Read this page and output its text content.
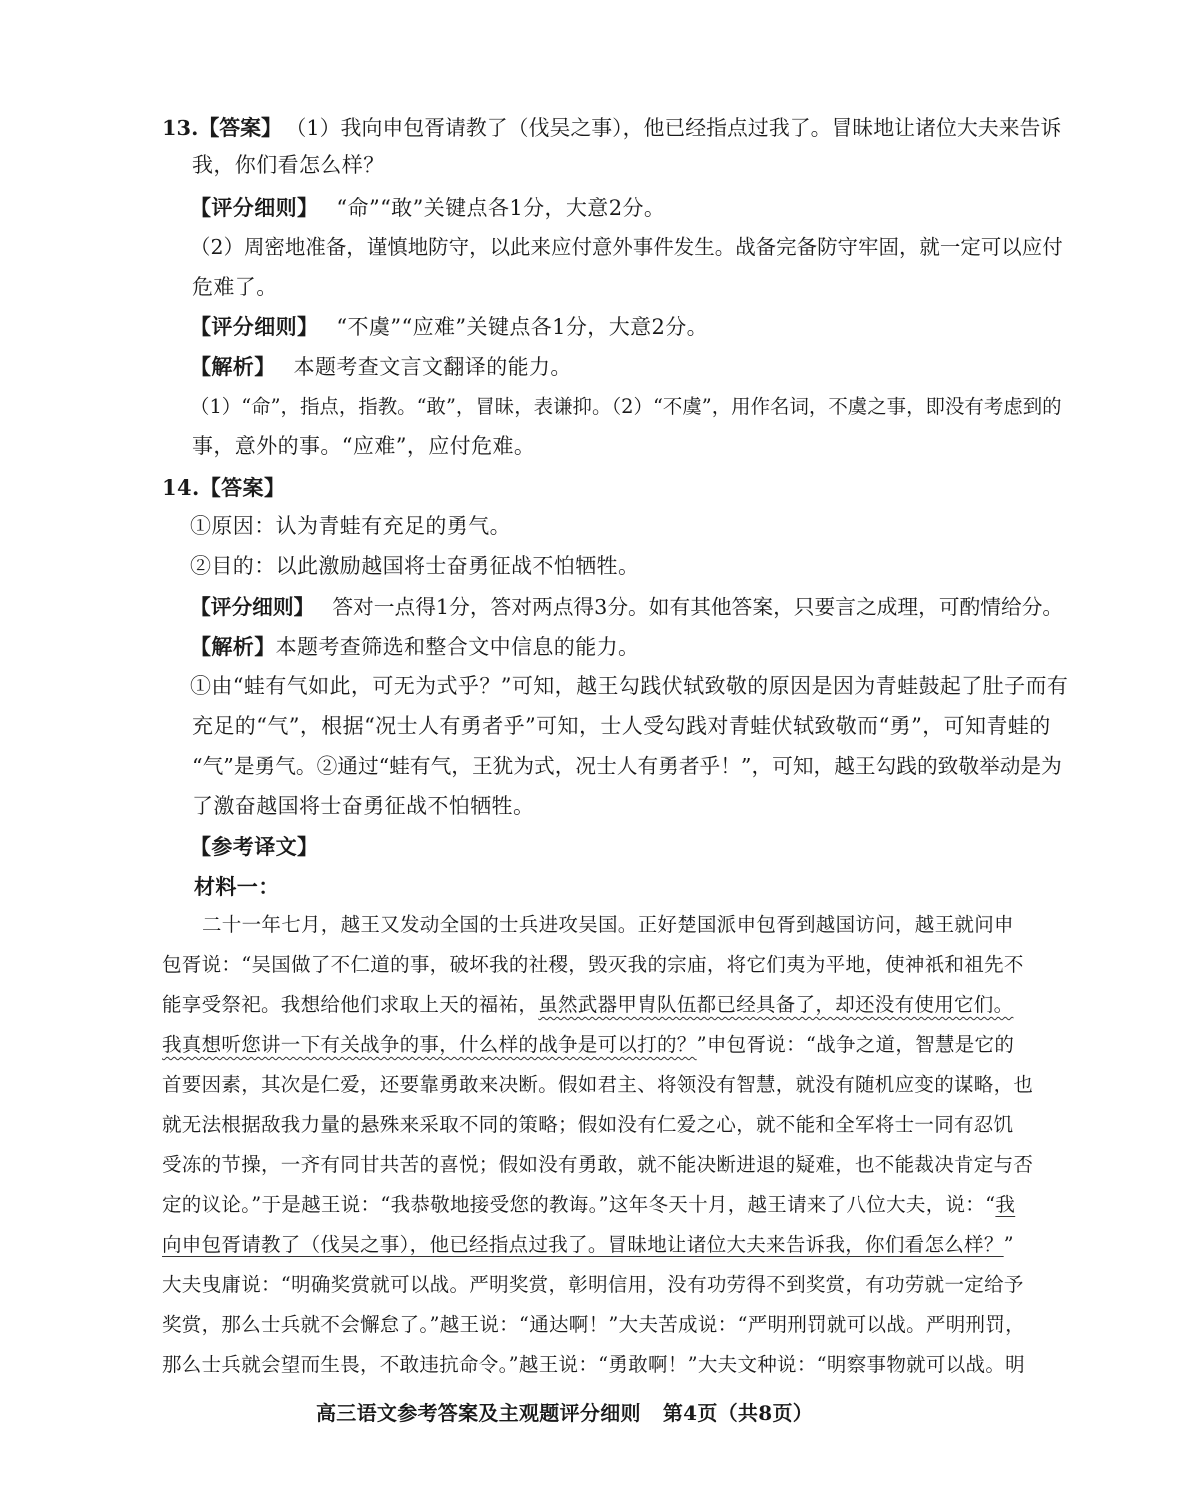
13.【答案】 （1）我向申包胥请教了（伐吴之事），他已经指点过我了。冒昧地让诸位大夫来告诉
我，你们看怎么样？
【评分细则】 “命”“敢”关键点各1分，大意2分。
（2）周密地准备，谨慎地防守，以此来应付意外事件发生。战备完备防守牢固，就一定可以应付
危难了。
【评分细则】 “不虞”“应难”关键点各1分，大意2分。
【解析】 本题考查文言文翻译的能力。
（1）“命”，指点，指教。“敢”，冒昧，表谦抑。（2）“不虞”，用作名词，不虞之事，即没有考虑到的
事，意外的事。“应难”，应付危难。
14.【答案】
①原因：认为青蛙有充足的勇气。
②目的：以此激励越国将士奋勇征战不怕牺牲。
【评分细则】 答对一点得1分，答对两点得3分。如有其他答案，只要言之成理，可酌情给分。
【解析】本题考查筛选和整合文中信息的能力。
①由“蛙有气如此，可无为式乎？”可知，越王勾践伏轼致敬的原因是因为青蛙鼓起了肚子而有
充足的“气”，根据“况士人有勇者乎”可知，士人受勾践对青蛙伏轼致敬而“勇”，可知青蛙的
“气”是勇气。②通过“蛙有气，王犹为式，况士人有勇者乎！”，可知，越王勾践的致敬举动是为
了激奋越国将士奋勇征战不怕牺牲。
【参考译文】
材料一：
二十一年七月，越王又发动全国的士兵进攻吴国。正好楚国派申包胥到越国访问，越王就问申
包胥说：“吴国做了不仁道的事，破坏我的社稷，毁灭我的宗庙，将它们夷为平地，使神祇和祖先不
能享受祭祀。我想给他们求取上天的福祐，虽然武器甲胄队伍都已经具备了，却还没有使用它们。
我真想听您讲一下有关战争的事，什么样的战争是可以打的？”申包胥说：“战争之道，智慧是它的
首要因素，其次是仁爱，还要靠勇敢来决断。假如君主、将领没有智慧，就没有随机应变的谋略，也
就无法根据敌我力量的悬殊来采取不同的策略；假如没有仁爱之心，就不能和全军将士一同有忍饥
受冻的节操，一齐有同甘共苦的喜悦；假如没有勇敢，就不能决断进退的疑难，也不能裁决肯定与否
定的议论。”于是越王说：“我恭敬地接受您的教诲。”这年冬天十月，越王请来了八位大夫，说：“我
向申包胥请教了（伐吴之事），他已经指点过我了。冒昧地让诸位大夫来告诉我，你们看怎么样？”
大夫曳庸说：“明确奖赏就可以战。严明奖赏，彰明信用，没有功劳得不到奖赏，有功劳就一定给予
奖赏，那么士兵就不会懈怠了。”越王说：“通达啊！”大夫苦成说：“严明刑罚就可以战。严明刑罚，
那么士兵就会望而生畏，不敢违抗命令。”越王说：“勇敢啊！”大夫文种说：“明察事物就可以战。明
高三语文参考答案及主观题评分细则 第4页（共8页）
